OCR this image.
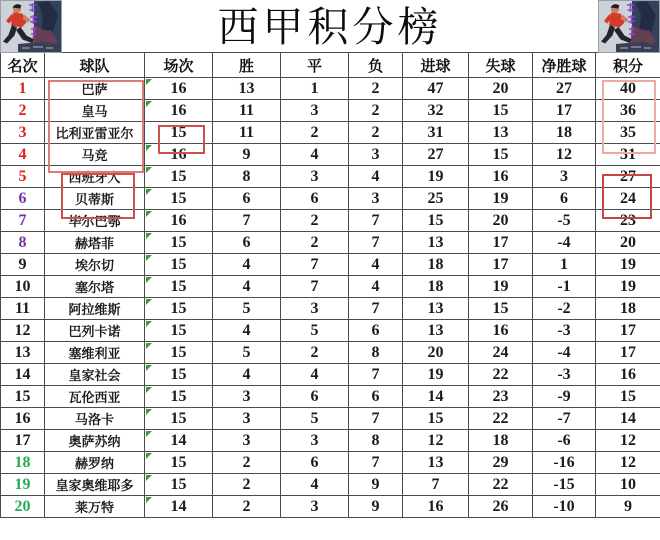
西甲积分榜
名次	球队	场次	胜	平	负	进球	失球	净胜球	积分
1	巴萨	16	13	1	2	47	20	27	40
2	皇马	16	11	3	2	32	15	17	36
3	比利亚雷亚尔	15	11	2	2	31	13	18	35
4	马竞	16	9	4	3	27	15	12	31
5	西班牙人	15	8	3	4	19	16	3	27
6	贝蒂斯	15	6	6	3	25	19	6	24
7	毕尔巴鄂	16	7	2	7	15	20	-5	23
8	赫塔菲	15	6	2	7	13	17	-4	20
9	埃尔切	15	4	7	4	18	17	1	19
10	塞尔塔	15	4	7	4	18	19	-1	19
11	阿拉维斯	15	5	3	7	13	15	-2	18
12	巴列卡诺	15	4	5	6	13	16	-3	17
13	塞维利亚	15	5	2	8	20	24	-4	17
14	皇家社会	15	4	4	7	19	22	-3	16
15	瓦伦西亚	15	3	6	6	14	23	-9	15
16	马洛卡	15	3	5	7	15	22	-7	14
17	奥萨苏纳	14	3	3	8	12	18	-6	12
18	赫罗纳	15	2	6	7	13	29	-16	12
19	皇家奥维耶多	15	2	4	9	7	22	-15	10
20	莱万特	14	2	3	9	16	26	-10	9
